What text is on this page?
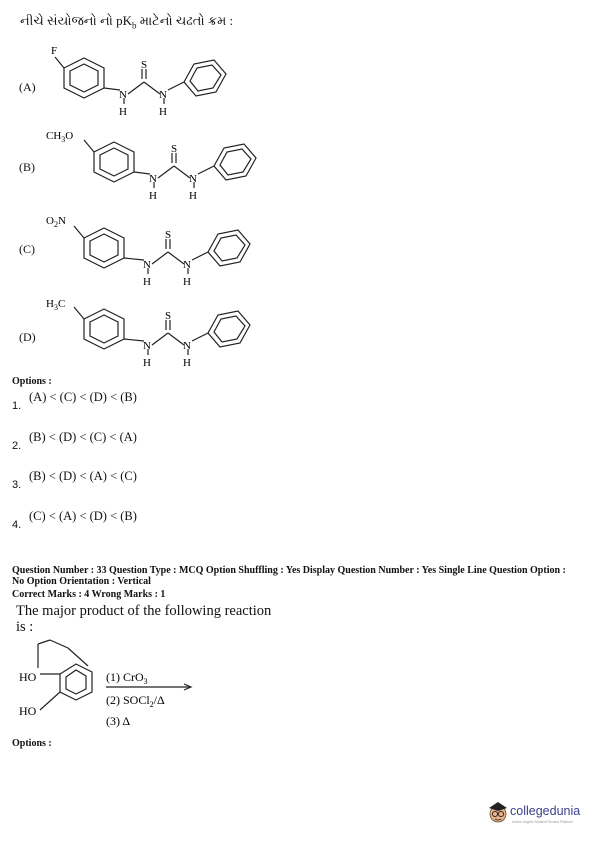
નીચે સંયોજનો નો $pK_b$ માટેનો ચઢતો ક્રમ :
(A)
F
S
N	N
H	H
(B)
$CH_3O$
S
N	N
H	H
(C)
$O_2N$
S
N	N
H	H
(D)
$H_3C$
S
N	N
H	H
Options :
1.
(A) < (C) < (D) < (B)
2.
(B) < (D) < (C) < (A)
3.
(B) < (D) < (A) < (C)
4.
(C) < (A) < (D) < (B)
Question Number : 33 Question Type : MCQ Option Shuffling : Yes Display Question Number : Yes Single Line Question Option :
No Option Orientation : Vertical
Correct Marks : 4 Wrong Marks : 1
The major product of the following reaction
is :
HO
HO
(1) CrO$_3$
(2) SOCl$_2$/Δ
(3) Δ
Options :
collegedunia
India's largest Student Review Platform
